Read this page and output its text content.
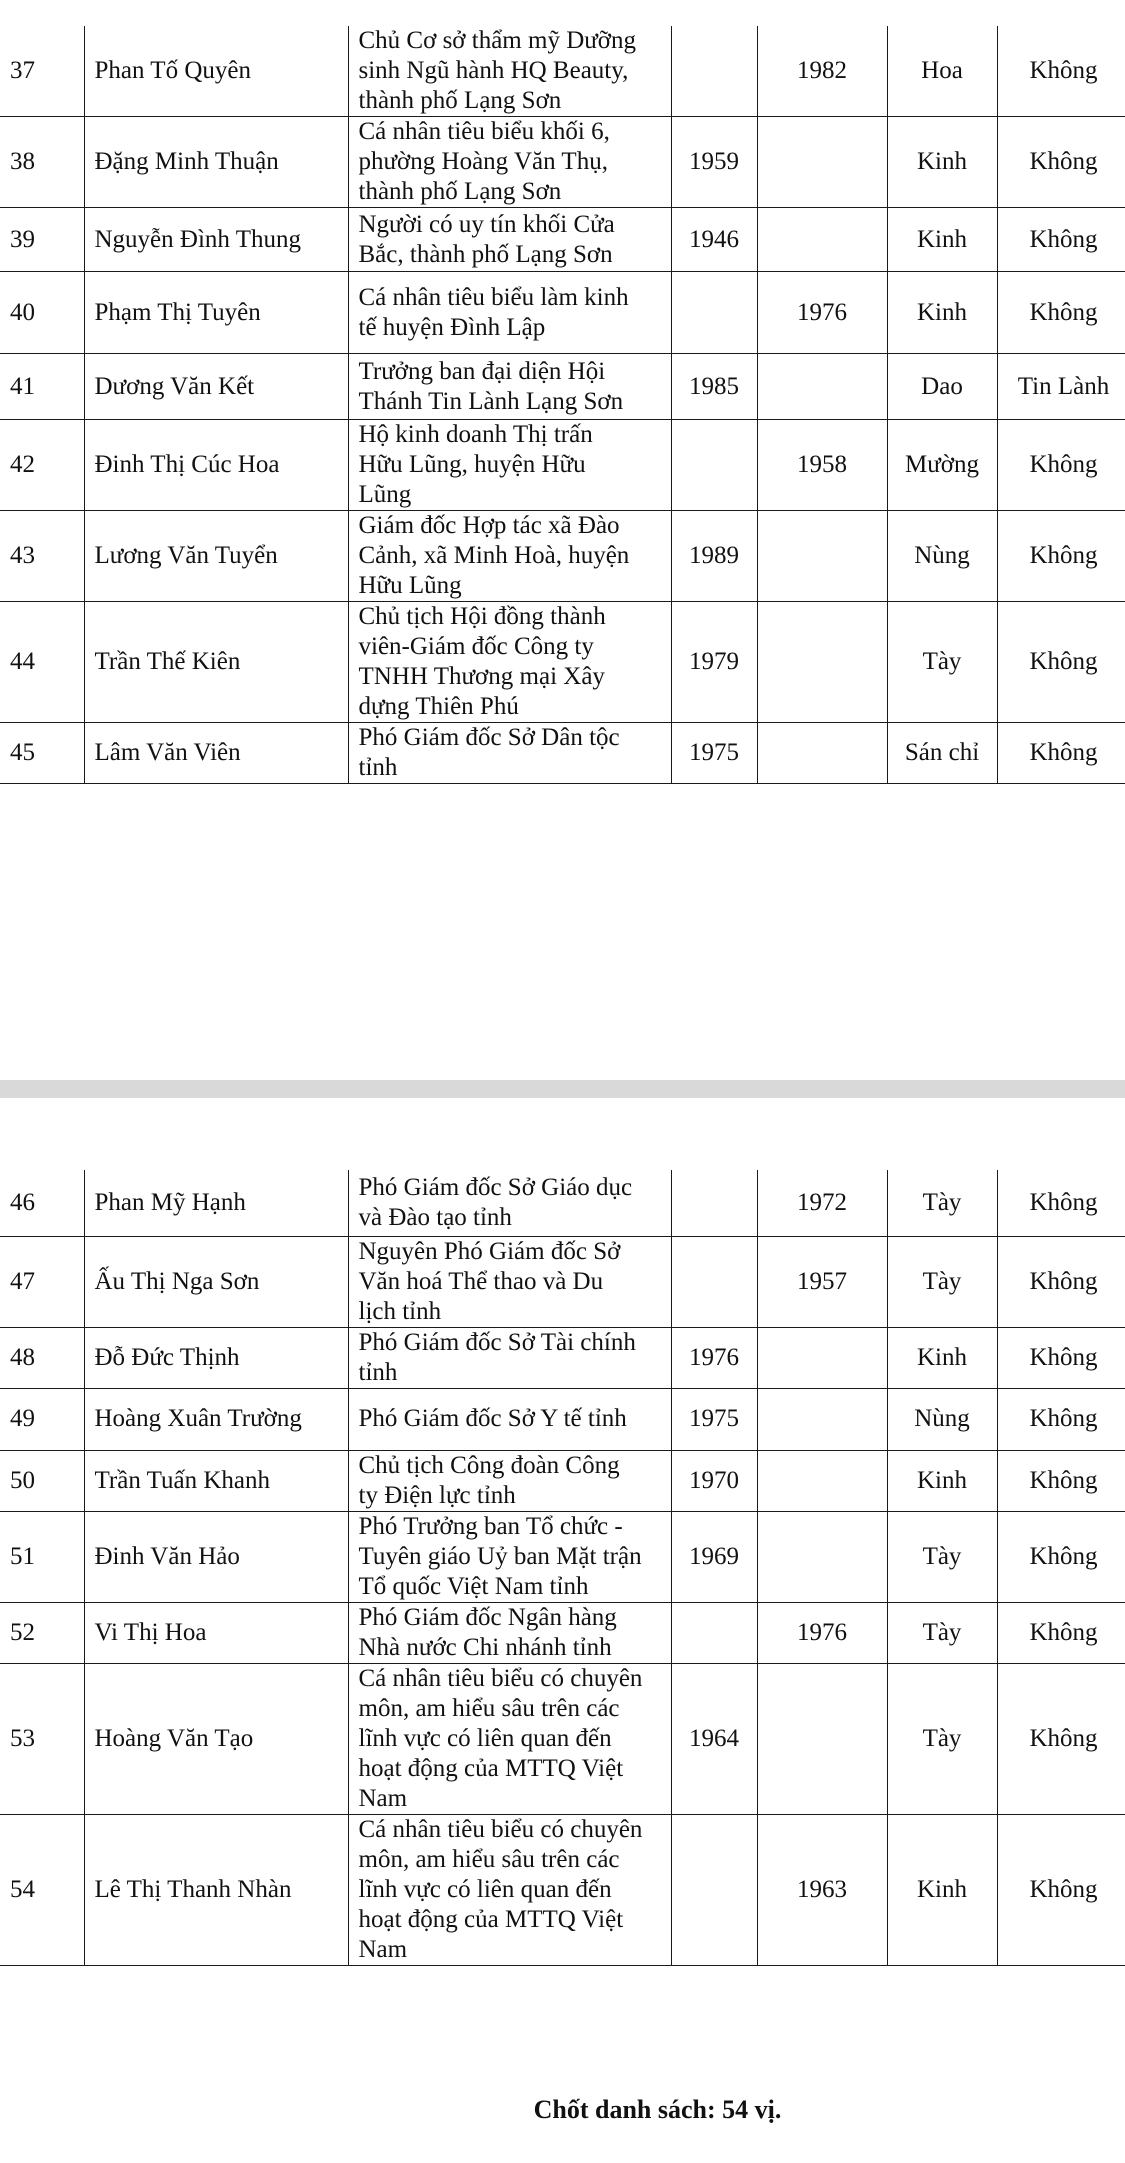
37	Phan Tố Quyên	Chủ Cơ sở thẩm mỹ Dưỡng
sinh Ngũ hành HQ Beauty,
thành phố Lạng Sơn		1982	Hoa	Không
38	Đặng Minh Thuận	Cá nhân tiêu biểu khối 6,
phường Hoàng Văn Thụ,
thành phố Lạng Sơn	1959		Kinh	Không
39	Nguyễn Đình Thung	Người có uy tín khối Cửa
Bắc, thành phố Lạng Sơn	1946		Kinh	Không
40	Phạm Thị Tuyên	Cá nhân tiêu biểu làm kinh
tế huyện Đình Lập		1976	Kinh	Không
41	Dương Văn Kết	Trưởng ban đại diện Hội
Thánh Tin Lành Lạng Sơn	1985		Dao	Tin Lành
42	Đinh Thị Cúc Hoa	Hộ kinh doanh Thị trấn
Hữu Lũng, huyện Hữu
Lũng		1958	Mường	Không
43	Lương Văn Tuyển	Giám đốc Hợp tác xã Đào
Cảnh, xã Minh Hoà, huyện
Hữu Lũng	1989		Nùng	Không
44	Trần Thế Kiên	Chủ tịch Hội đồng thành
viên-Giám đốc Công ty
TNHH Thương mại Xây
dựng Thiên Phú	1979		Tày	Không
45	Lâm Văn Viên	Phó Giám đốc Sở Dân tộc
tỉnh	1975		Sán chỉ	Không
46	Phan Mỹ Hạnh	Phó Giám đốc Sở Giáo dục
và Đào tạo tỉnh		1972	Tày	Không
47	Ấu Thị Nga Sơn	Nguyên Phó Giám đốc Sở
Văn hoá Thể thao và Du
lịch tỉnh		1957	Tày	Không
48	Đỗ Đức Thịnh	Phó Giám đốc Sở Tài chính
tỉnh	1976		Kinh	Không
49	Hoàng Xuân Trường	Phó Giám đốc Sở Y tế tỉnh	1975		Nùng	Không
50	Trần Tuấn Khanh	Chủ tịch Công đoàn Công
ty Điện lực tỉnh	1970		Kinh	Không
51	Đinh Văn Hảo	Phó Trưởng ban Tổ chức -
Tuyên giáo Uỷ ban Mặt trận
Tổ quốc Việt Nam tỉnh	1969		Tày	Không
52	Vi Thị Hoa	Phó Giám đốc Ngân hàng
Nhà nước Chi nhánh tỉnh		1976	Tày	Không
53	Hoàng Văn Tạo	Cá nhân tiêu biểu có chuyên
môn, am hiểu sâu trên các
lĩnh vực có liên quan đến
hoạt động của MTTQ Việt
Nam	1964		Tày	Không
54	Lê Thị Thanh Nhàn	Cá nhân tiêu biểu có chuyên
môn, am hiểu sâu trên các
lĩnh vực có liên quan đến
hoạt động của MTTQ Việt
Nam		1963	Kinh	Không
Chốt danh sách: 54 vị.
